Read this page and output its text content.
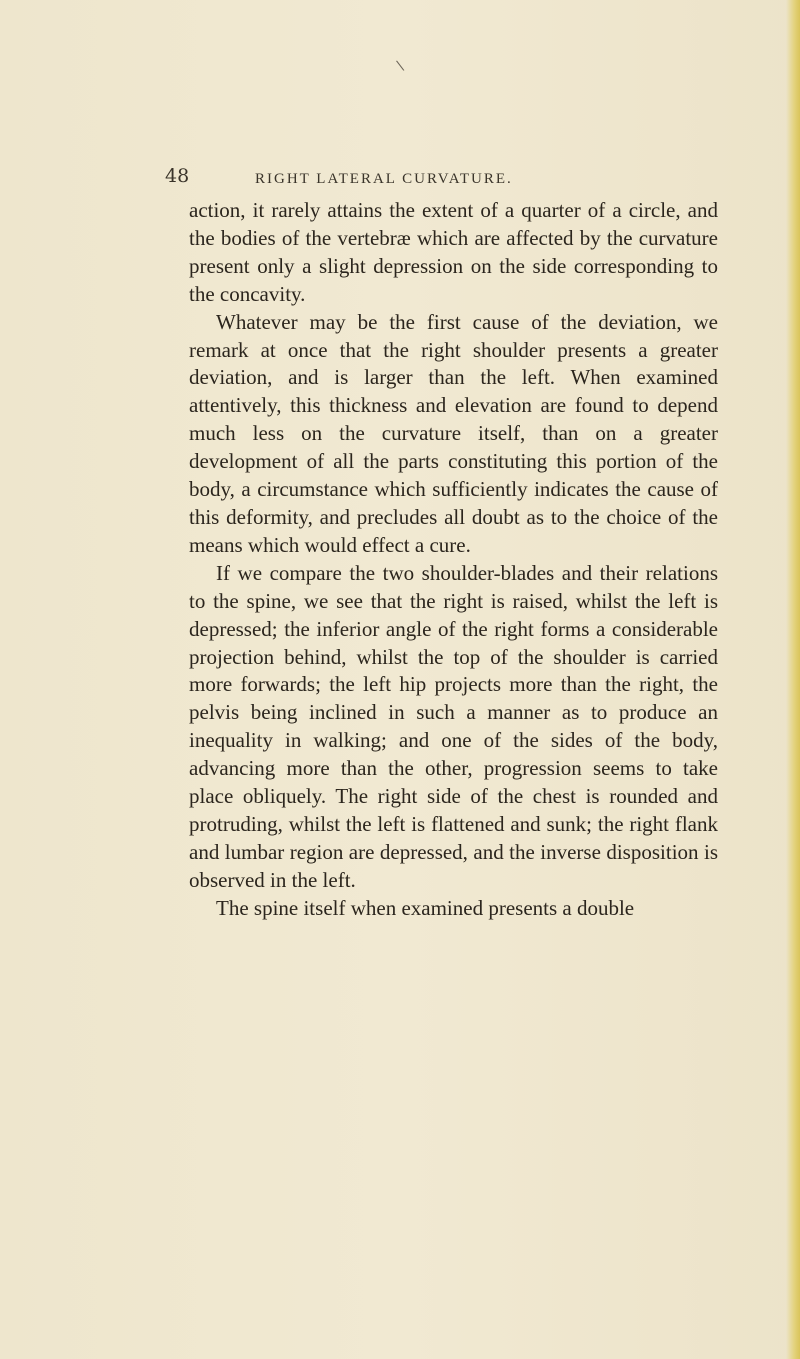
\
48	RIGHT LATERAL CURVATURE.

action, it rarely attains the extent of a quarter of a circle, and the bodies of the vertebræ which are affected by the curvature present only a slight depression on the side corresponding to the concavity.

Whatever may be the first cause of the deviation, we remark at once that the right shoulder presents a greater deviation, and is larger than the left. When examined attentively, this thickness and elevation are found to depend much less on the curvature itself, than on a greater development of all the parts constituting this portion of the body, a circumstance which sufficiently indicates the cause of this deformity, and precludes all doubt as to the choice of the means which would effect a cure.

If we compare the two shoulder-blades and their relations to the spine, we see that the right is raised, whilst the left is depressed; the inferior angle of the right forms a considerable projection behind, whilst the top of the shoulder is carried more forwards; the left hip projects more than the right, the pelvis being inclined in such a manner as to produce an inequality in walking; and one of the sides of the body, advancing more than the other, progression seems to take place obliquely. The right side of the chest is rounded and protruding, whilst the left is flattened and sunk; the right flank and lumbar region are depressed, and the inverse disposition is observed in the left.

The spine itself when examined presents a double
